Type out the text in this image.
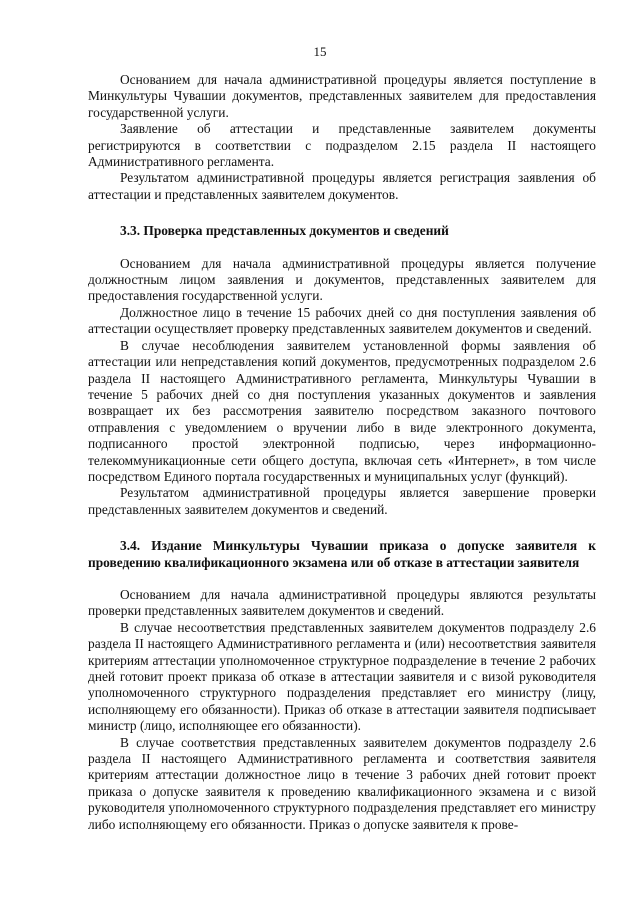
15

Основанием для начала административной процедуры является поступление в Минкультуры Чувашии документов, представленных заявителем для предоставления государственной услуги.

Заявление об аттестации и представленные заявителем документы регистрируются в соответствии с подразделом 2.15 раздела II настоящего Административного регламента.

Результатом административной процедуры является регистрация заявления об аттестации и представленных заявителем документов.

3.3. Проверка представленных документов и сведений

Основанием для начала административной процедуры является получение должностным лицом заявления и документов, представленных заявителем для предоставления государственной услуги.

Должностное лицо в течение 15 рабочих дней со дня поступления заявления об аттестации осуществляет проверку представленных заявителем документов и сведений.

В случае несоблюдения заявителем установленной формы заявления об аттестации или непредставления копий документов, предусмотренных подразделом 2.6 раздела II настоящего Административного регламента, Минкультуры Чувашии в течение 5 рабочих дней со дня поступления указанных документов и заявления возвращает их без рассмотрения заявителю посредством заказного почтового отправления с уведомлением о вручении либо в виде электронного документа, подписанного простой электронной подписью, через информационно-телекоммуникационные сети общего доступа, включая сеть «Интернет», в том числе посредством Единого портала государственных и муниципальных услуг (функций).

Результатом административной процедуры является завершение проверки представленных заявителем документов и сведений.

3.4. Издание Минкультуры Чувашии приказа о допуске заявителя к проведению квалификационного экзамена или об отказе в аттестации заявителя

Основанием для начала административной процедуры являются результаты проверки представленных заявителем документов и сведений.

В случае несоответствия представленных заявителем документов подразделу 2.6 раздела II настоящего Административного регламента и (или) несоответствия заявителя критериям аттестации уполномоченное структурное подразделение в течение 2 рабочих дней готовит проект приказа об отказе в аттестации заявителя и с визой руководителя уполномоченного структурного подразделения представляет его министру (лицу, исполняющему его обязанности). Приказ об отказе в аттестации заявителя подписывает министр (лицо, исполняющее его обязанности).

В случае соответствия представленных заявителем документов подразделу 2.6 раздела II настоящего Административного регламента и соответствия заявителя критериям аттестации должностное лицо в течение 3 рабочих дней готовит проект приказа о допуске заявителя к проведению квалификационного экзамена и с визой руководителя уполномоченного структурного подразделения представляет его министру либо исполняющему его обязанности. Приказ о допуске заявителя к прове-
